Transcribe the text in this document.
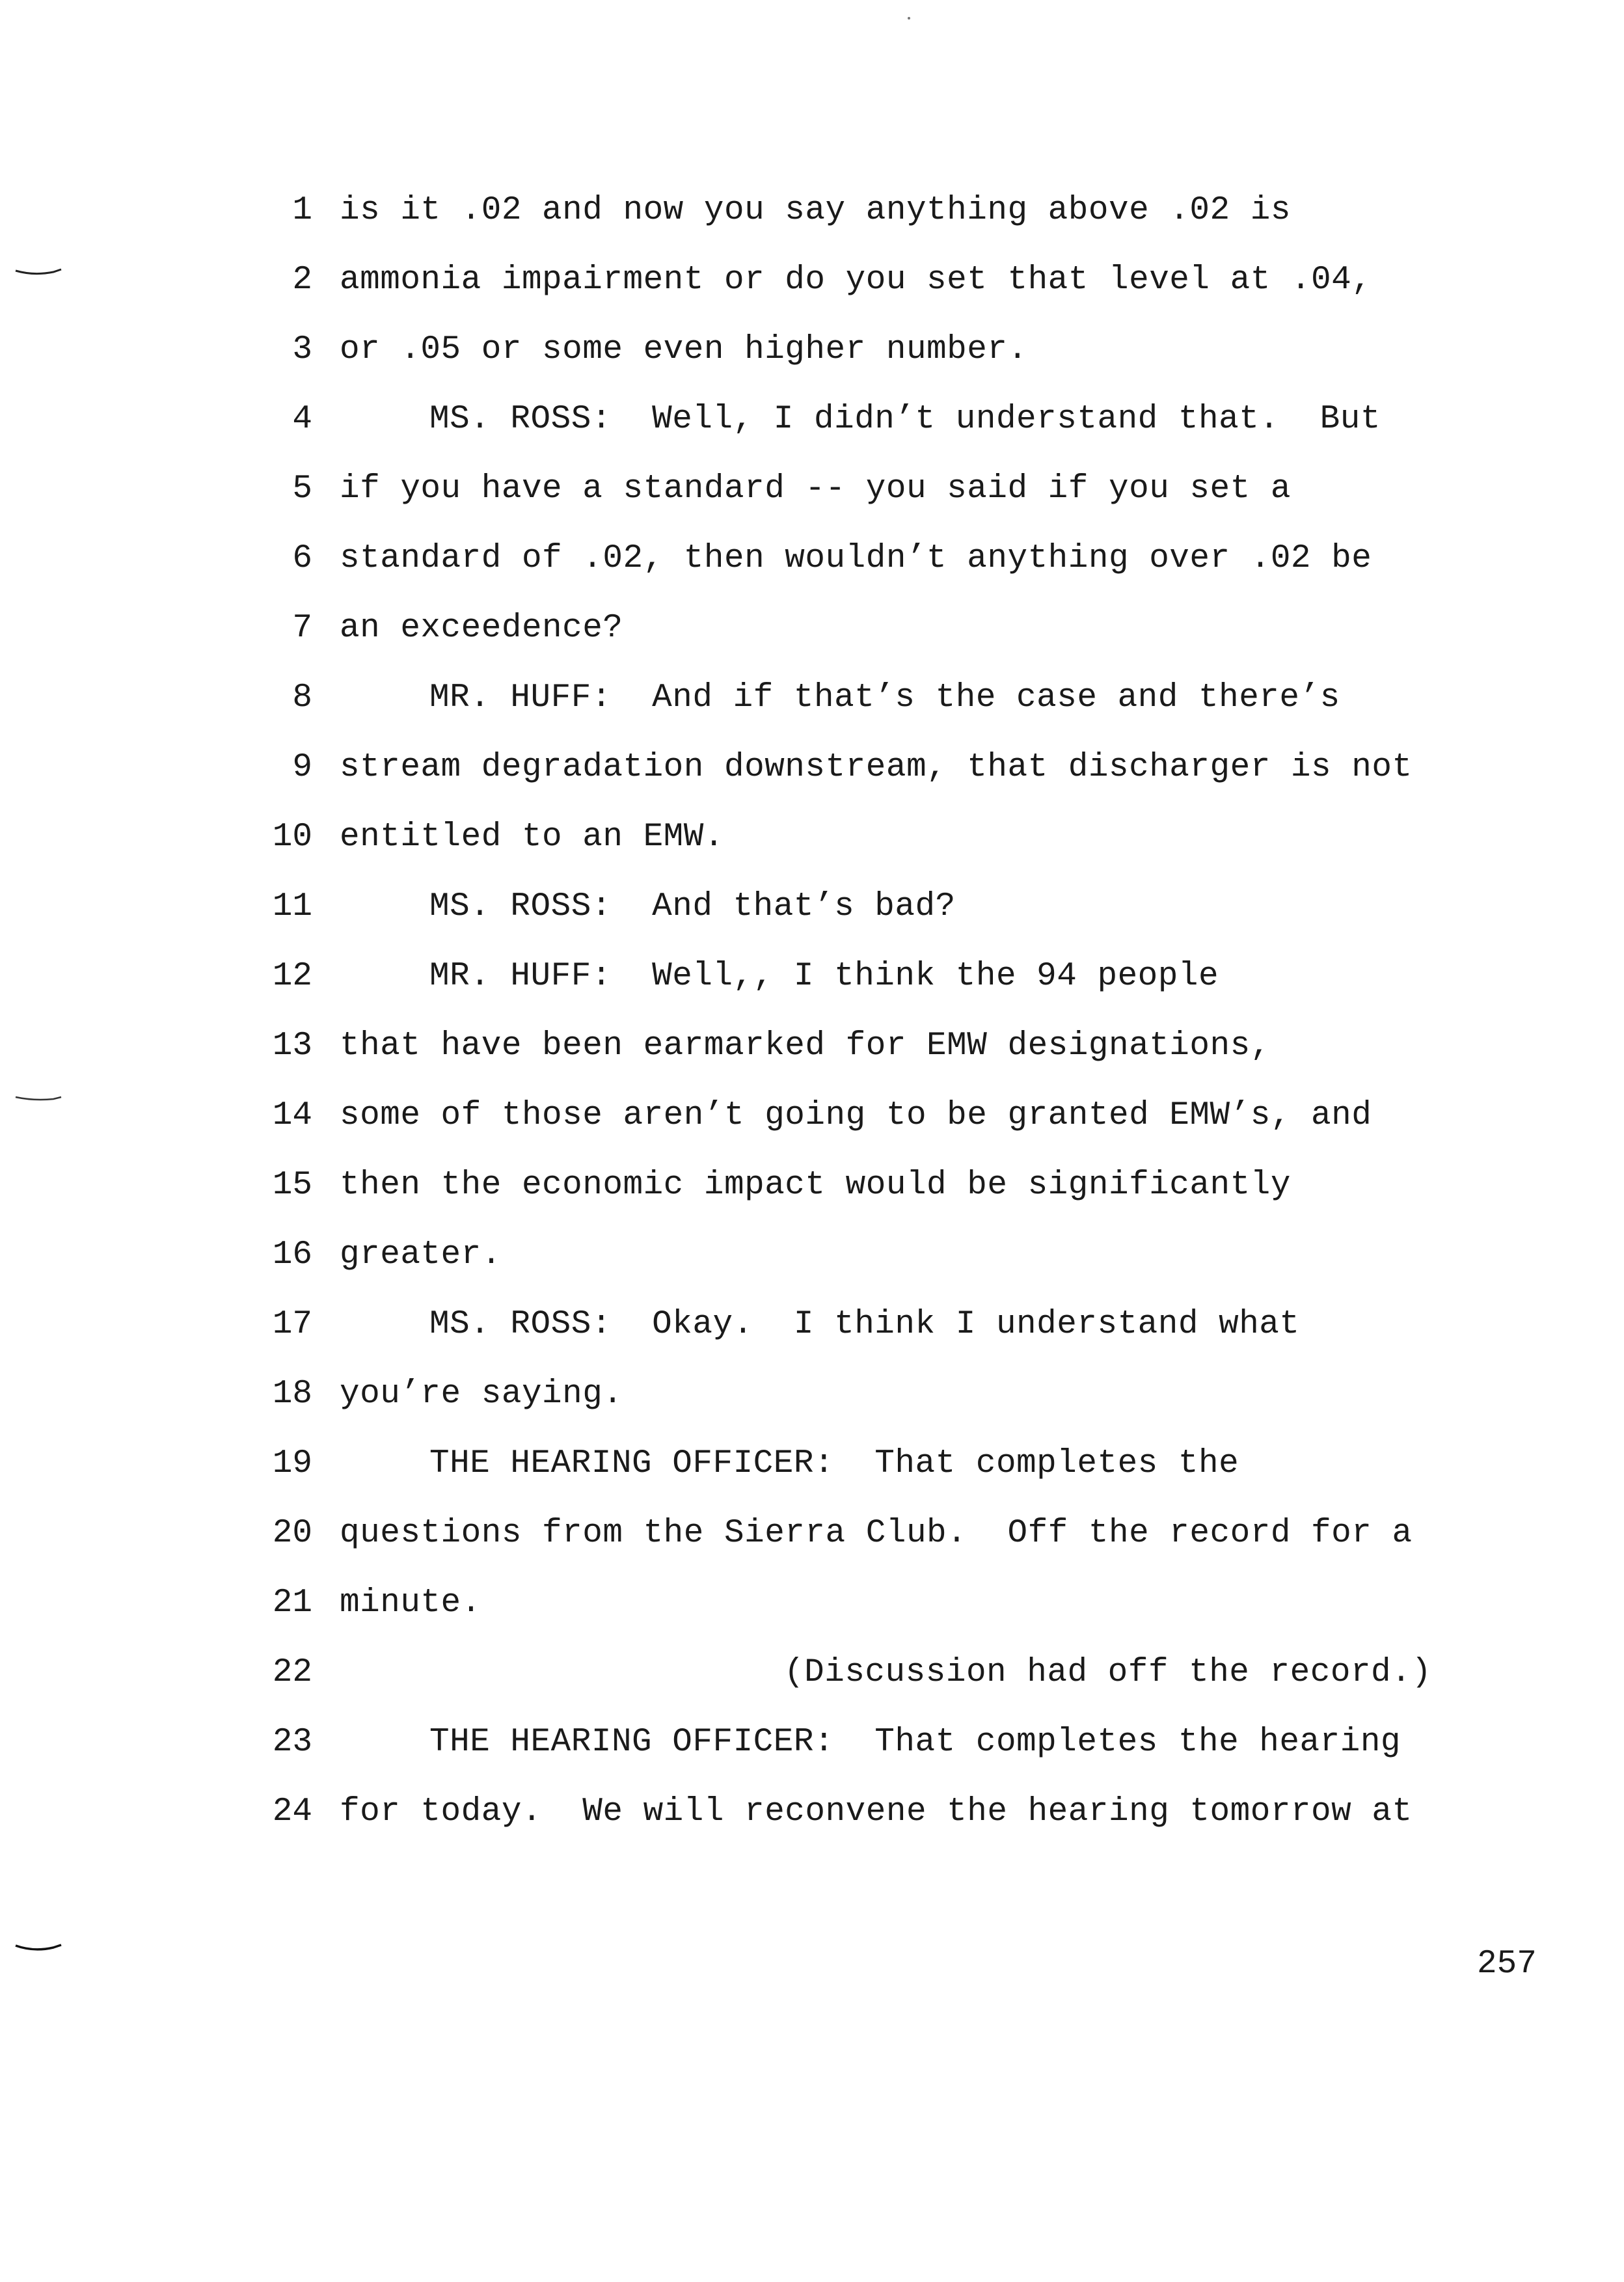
1 is it .02 and now you say anything above .02 is
2 ammonia impairment or do you set that level at .04,
3 or .05 or some even higher number.
4	MS. ROSS:  Well, I didn’t understand that.  But
5 if you have a standard -- you said if you set a
6 standard of .02, then wouldn’t anything over .02 be
7 an exceedence?
8	MR. HUFF:  And if that’s the case and there’s
9 stream degradation downstream, that discharger is not
10 entitled to an EMW.
11	MS. ROSS:  And that’s bad?
12	MR. HUFF:  Well,, I think the 94 people
13 that have been earmarked for EMW designations,
14 some of those aren’t going to be granted EMW’s, and
15 then the economic impact would be significantly
16 greater.
17	MS. ROSS:  Okay.  I think I understand what
18 you’re saying.
19	THE HEARING OFFICER:  That completes the
20 questions from the Sierra Club.  Off the record for a
21 minute.
22	(Discussion had off the record.)
23	THE HEARING OFFICER:  That completes the hearing
24 for today.  We will reconvene the hearing tomorrow at
257
